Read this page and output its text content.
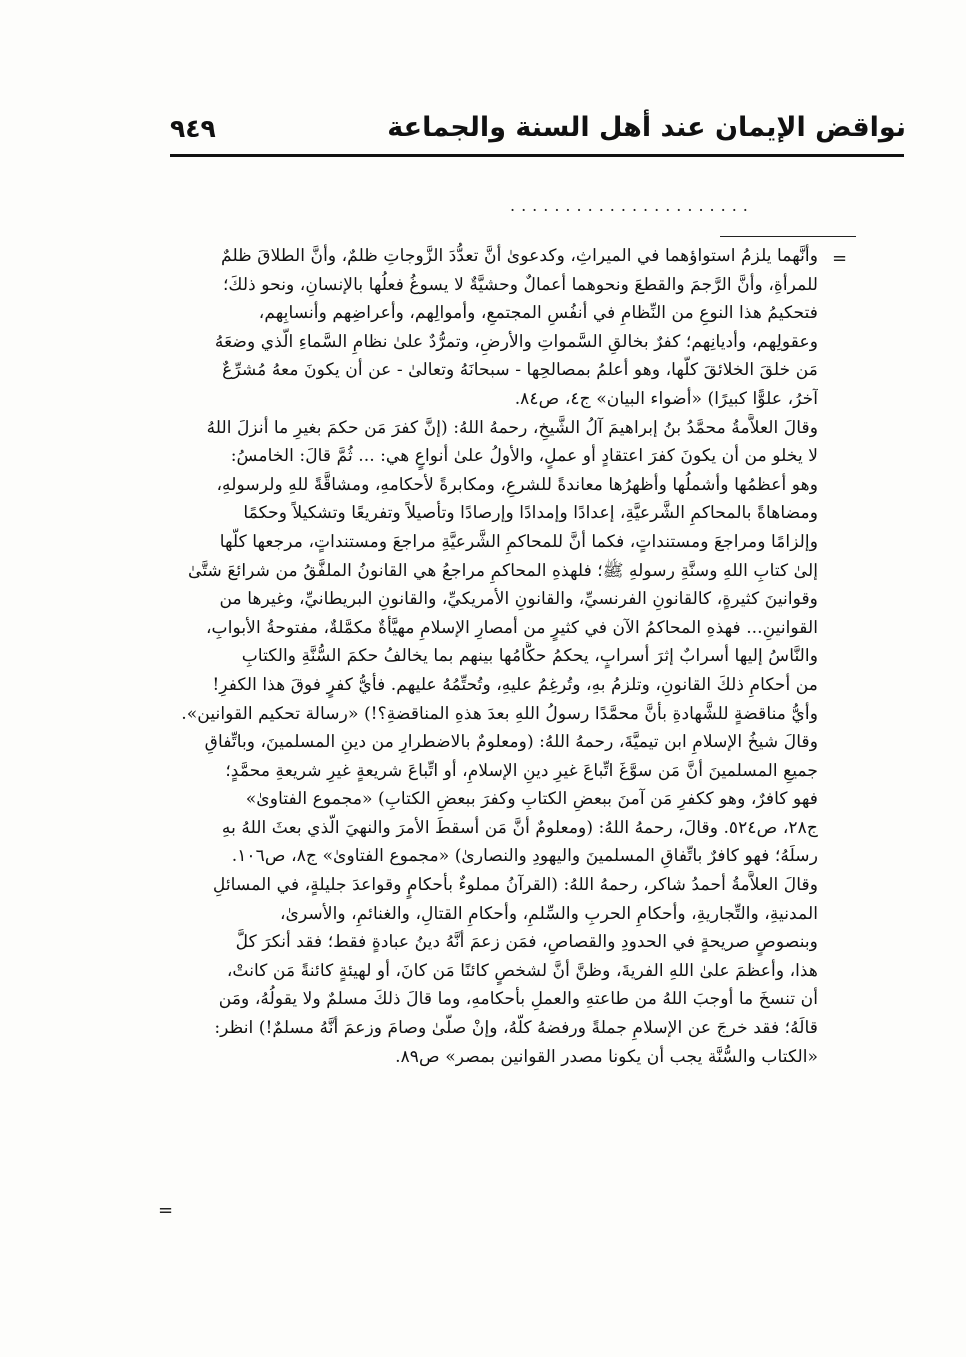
نواقض الإيمان عند أهل السنة والجماعة
٩٤٩
......................
=
=
وأنَّهما يلزمُ استواؤهما في الميراثِ، وكدعوىٰ أنَّ تعدُّدَ الزَّوجاتِ ظلمٌ، وأنَّ الطلاقَ ظلمٌ
للمرأةِ، وأنَّ الرَّجمَ والقطعَ ونحوهما أعمالٌ وحشيَّةٌ لا يسوغُ فعلُها بالإنسانِ، ونحو ذلكَ؛
فتحكيمُ هذا النوعِ من النِّظامِ في أنفُسِ المجتمعِ، وأموالِهم، وأعراضِهم وأنسابِهم،
وعقولِهم، وأديانِهم؛ كفرٌ بخالقِ السَّمواتِ والأرضِ، وتمرُّدٌ علىٰ نظامِ السَّماءِ الَّذي وضعَهُ
مَن خلقَ الخلائقَ كلَّها، وهو أعلمُ بمصالحِها - سبحانَهُ وتعالىٰ - عن أن يكونَ معهُ مُشرِّعٌ
آخرُ، علوًّا كبيرًا) «أضواء البيان» ج٤، ص٨٤.
وقالَ العلاَّمةُ محمَّدُ بنُ إبراهيمَ آلُ الشَّيخِ، رحمهُ اللهُ: (إنَّ كفرَ مَن حكمَ بغيرِ ما أنزلَ اللهُ
لا يخلو من أن يكونَ كفرَ اعتقادٍ أو عملٍ، والأولُ علىٰ أنواعٍ هي: ... ثُمَّ قالَ: الخامسُ:
وهو أعظمُها وأشملُها وأظهرُها معاندةً للشرعِ، ومكابرةً لأحكامهِ، ومشاقَّةً للهِ ولرسولهِ،
ومضاهاةً بالمحاكمِ الشَّرعيَّةِ، إعدادًا وإمدادًا وإرصادًا وتأصيلاً وتفريعًا وتشكيلاً وحكمًا
وإلزامًا ومراجعَ ومستنداتٍ، فكما أنَّ للمحاكمِ الشَّرعيَّةِ مراجعَ ومستنداتٍ، مرجعها كلُّها
إلىٰ كتابِ اللهِ وسنَّةِ رسولهِ ﷺ؛ فلهذهِ المحاكمِ مراجعُ هي القانونُ الملفَّقُ من شرائعَ شتَّىٰ
وقوانينَ كثيرةٍ، كالقانونِ الفرنسيِّ، والقانونِ الأمريكيِّ، والقانونِ البريطانيِّ، وغيرها من
القوانينِ... فهذهِ المحاكمُ الآن في كثيرٍ من أمصارِ الإسلامِ مهيَّأةٌ مكمَّلةٌ، مفتوحةُ الأبوابِ،
والنَّاسُ إليها أسرابٌ إثرَ أسرابٍ، يحكمُ حكَّامُها بينهم بما يخالفُ حكمَ السُّنَّةِ والكتابِ
من أحكامِ ذلكَ القانونِ، وتلزمُ بهِ، وتُرغِمُ عليهِ، وتُحتِّمُهُ عليهم. فأيُّ كفرٍ فوقَ هذا الكفرِ!
وأيُّ مناقضةٍ للشَّهادةِ بأنَّ محمَّدًا رسولُ اللهِ بعدَ هذهِ المناقضةِ؟!) «رسالة تحكيم القوانين».
وقالَ شيخُ الإسلامِ ابن تيميَّةَ، رحمهُ اللهُ: (ومعلومٌ بالاضطرارِ من دينِ المسلمينَ، وباتِّفاقِ
جميعِ المسلمينَ أنَّ مَن سوَّغَ اتِّباعَ غيرِ دينِ الإسلامِ، أو اتِّباعَ شريعةٍ غيرِ شريعةِ محمَّدٍ؛
فهو كافرٌ، وهو ككفرِ مَن آمنَ ببعضِ الكتابِ وكفرَ ببعضِ الكتابِ) «مجموع الفتاوىٰ»
ج٢٨، ص٥٢٤. وقالَ، رحمهُ اللهُ: (ومعلومٌ أنَّ مَن أسقطَ الأمرَ والنهيَ الَّذي بعثَ اللهُ بهِ
رسلَهُ؛ فهو كافرٌ باتِّفاقِ المسلمينَ واليهودِ والنصارىٰ) «مجموع الفتاوىٰ» ج٨، ص١٠٦.
وقالَ العلاَّمةُ أحمدُ شاكر، رحمهُ اللهُ: (القرآنُ مملوءٌ بأحكامٍ وقواعدَ جليلةٍ، في المسائلِ
المدنيةِ، والتِّجاريةِ، وأحكامِ الحربِ والسِّلمِ، وأحكامِ القتالِ، والغنائمِ، والأسرىٰ،
وبنصوصٍ صريحةٍ في الحدودِ والقصاصِ، فمَن زعمَ أنَّهُ دينُ عبادةٍ فقط؛ فقد أنكرَ كلَّ
هذا، وأعظمَ علىٰ اللهِ الفريةَ، وظنَّ أنَّ لشخصٍ كائنًا مَن كانَ، أو لهيئةٍ كائنةً مَن كانتْ،
أن تنسخَ ما أوجبَ اللهُ من طاعتهِ والعملِ بأحكامهِ، وما قالَ ذلكَ مسلمٌ ولا يقولُهُ، ومَن
قالَهُ؛ فقد خرجَ عن الإسلامِ جملةً ورفضهُ كلَّهُ، وإنْ صلَّىٰ وصامَ وزعمَ أنَّهُ مسلمٌ!) انظر:
«الكتاب والسُّنَّة يجب أن يكونا مصدر القوانين بمصر» ص٨٩.
